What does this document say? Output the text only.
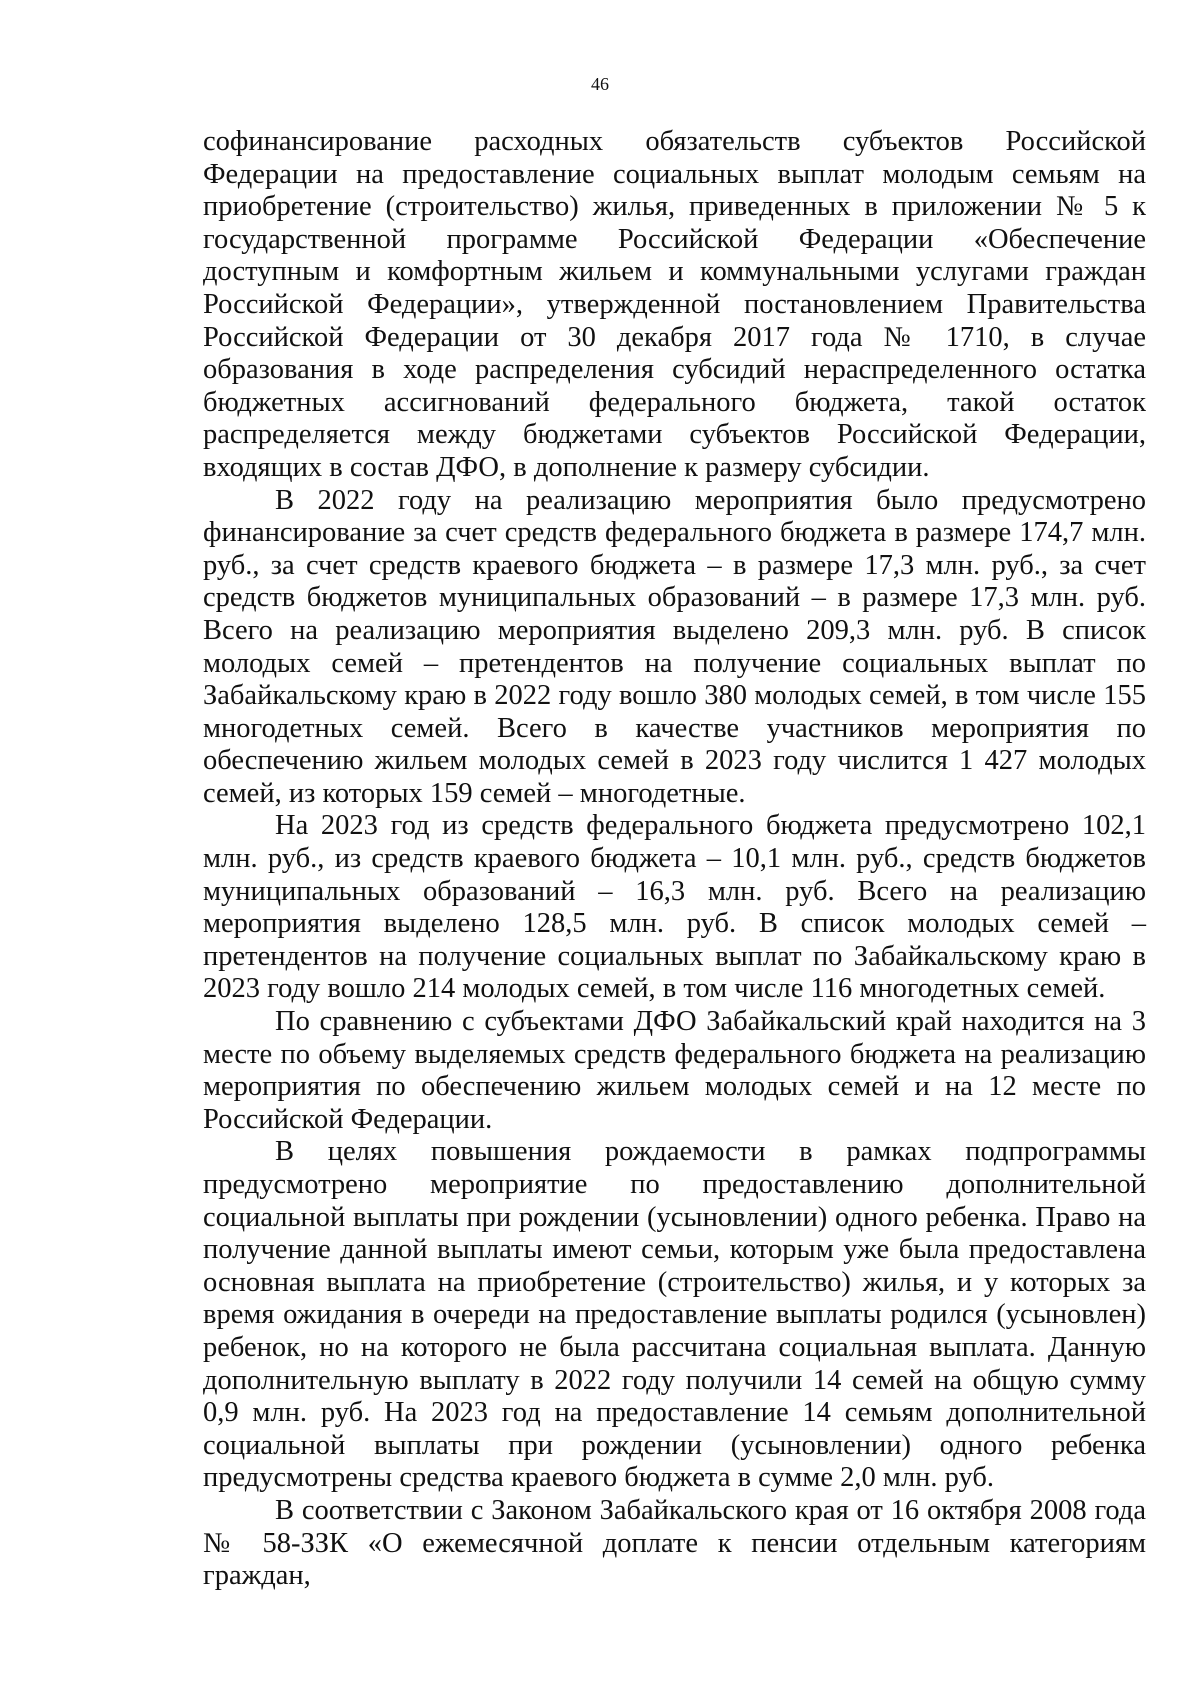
46

софинансирование расходных обязательств субъектов Российской Федерации на предоставление социальных выплат молодым семьям на приобретение (строительство) жилья, приведенных в приложении № 5 к государственной программе Российской Федерации «Обеспечение доступным и комфортным жильем и коммунальными услугами граждан Российской Федерации», утвержденной постановлением Правительства Российской Федерации от 30 декабря 2017 года № 1710, в случае образования в ходе распределения субсидий нераспределенного остатка бюджетных ассигнований федерального бюджета, такой остаток распределяется между бюджетами субъектов Российской Федерации, входящих в состав ДФО, в дополнение к размеру субсидии.

В 2022 году на реализацию мероприятия было предусмотрено финансирование за счет средств федерального бюджета в размере 174,7 млн. руб., за счет средств краевого бюджета – в размере 17,3 млн. руб., за счет средств бюджетов муниципальных образований – в размере 17,3 млн. руб. Всего на реализацию мероприятия выделено 209,3 млн. руб. В список молодых семей – претендентов на получение социальных выплат по Забайкальскому краю в 2022 году вошло 380 молодых семей, в том числе 155 многодетных семей. Всего в качестве участников мероприятия по обеспечению жильем молодых семей в 2023 году числится 1 427 молодых семей, из которых 159 семей – многодетные.

На 2023 год из средств федерального бюджета предусмотрено 102,1 млн. руб., из средств краевого бюджета – 10,1 млн. руб., средств бюджетов муниципальных образований – 16,3 млн. руб. Всего на реализацию мероприятия выделено 128,5 млн. руб. В список молодых семей – претендентов на получение социальных выплат по Забайкальскому краю в 2023 году вошло 214 молодых семей, в том числе 116 многодетных семей.

По сравнению с субъектами ДФО Забайкальский край находится на 3 месте по объему выделяемых средств федерального бюджета на реализацию мероприятия по обеспечению жильем молодых семей и на 12 месте по Российской Федерации.

В целях повышения рождаемости в рамках подпрограммы предусмотрено мероприятие по предоставлению дополнительной социальной выплаты при рождении (усыновлении) одного ребенка. Право на получение данной выплаты имеют семьи, которым уже была предоставлена основная выплата на приобретение (строительство) жилья, и у которых за время ожидания в очереди на предоставление выплаты родился (усыновлен) ребенок, но на которого не была рассчитана социальная выплата. Данную дополнительную выплату в 2022 году получили 14 семей на общую сумму 0,9 млн. руб. На 2023 год на предоставление 14 семьям дополнительной социальной выплаты при рождении (усыновлении) одного ребенка предусмотрены средства краевого бюджета в сумме 2,0 млн. руб.

В соответствии с Законом Забайкальского края от 16 октября 2008 года № 58-ЗЗК «О ежемесячной доплате к пенсии отдельным категориям граждан,
